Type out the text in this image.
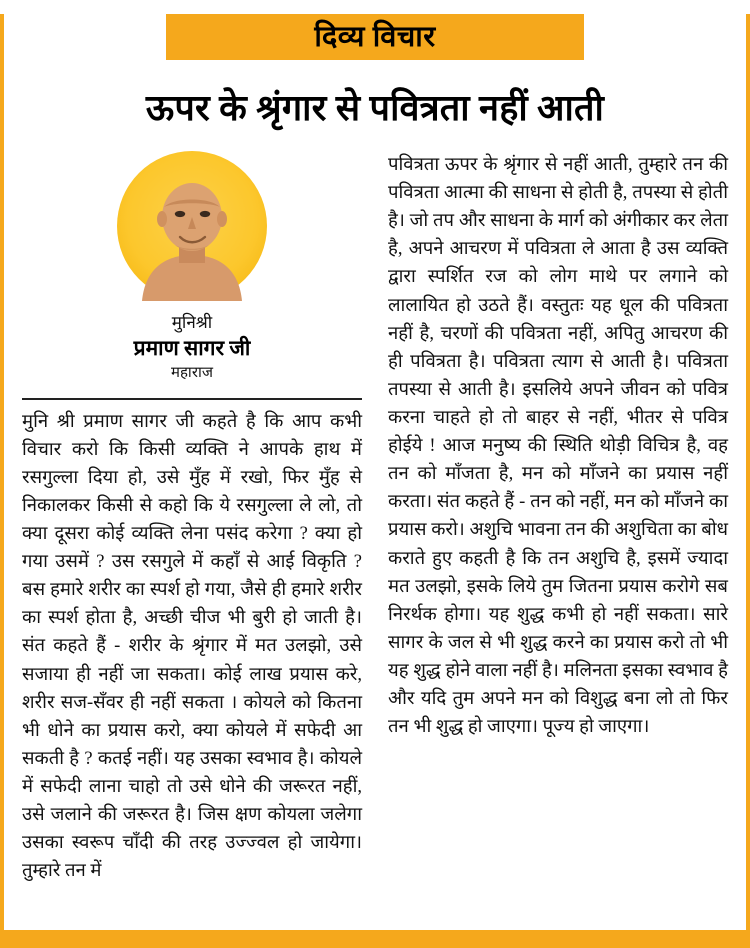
दिव्य विचार
ऊपर के श्रृंगार से पवित्रता नहीं आती
मुनिश्री
प्रमाण सागर जी
महाराज
मुनि श्री प्रमाण सागर जी कहते है कि आप कभी विचार करो कि किसी व्यक्ति ने आपके हाथ में रसगुल्ला दिया हो, उसे मुँह में रखो, फिर मुँह से निकालकर किसी से कहो कि ये रसगुल्ला ले लो, तो क्या दूसरा कोई व्यक्ति लेना पसंद करेगा ? क्या हो गया उसमें ? उस रसगुले में कहाँ से आई विकृति ? बस हमारे शरीर का स्पर्श हो गया, जैसे ही हमारे शरीर का स्पर्श होता है, अच्छी चीज भी बुरी हो जाती है। संत कहते हैं - शरीर के श्रृंगार में मत उलझो, उसे सजाया ही नहीं जा सकता। कोई लाख प्रयास करे, शरीर सज-सँवर ही नहीं सकता । कोयले को कितना भी धोने का प्रयास करो, क्या कोयले में सफेदी आ सकती है ? कतई नहीं। यह उसका स्वभाव है। कोयले में सफेदी लाना चाहो तो उसे धोने की जरूरत नहीं, उसे जलाने की जरूरत है। जिस क्षण कोयला जलेगा उसका स्वरूप चाँदी की तरह उज्ज्वल हो जायेगा। तुम्हारे तन में
पवित्रता ऊपर के श्रृंगार से नहीं आती, तुम्हारे तन की पवित्रता आत्मा की साधना से होती है, तपस्या से होती है। जो तप और साधना के मार्ग को अंगीकार कर लेता है, अपने आचरण में पवित्रता ले आता है उस व्यक्ति द्वारा स्पर्शित रज को लोग माथे पर लगाने को लालायित हो उठते हैं। वस्तुतः यह धूल की पवित्रता नहीं है, चरणों की पवित्रता नहीं, अपितु आचरण की ही पवित्रता है। पवित्रता त्याग से आती है। पवित्रता तपस्या से आती है। इसलिये अपने जीवन को पवित्र करना चाहते हो तो बाहर से नहीं, भीतर से पवित्र होईये ! आज मनुष्य की स्थिति थोड़ी विचित्र है, वह तन को माँजता है, मन को माँजने का प्रयास नहीं करता। संत कहते हैं - तन को नहीं, मन को माँजने का प्रयास करो। अशुचि भावना तन की अशुचिता का बोध कराते हुए कहती है कि तन अशुचि है, इसमें ज्यादा मत उलझो, इसके लिये तुम जितना प्रयास करोगे सब निरर्थक होगा। यह शुद्ध कभी हो नहीं सकता। सारे सागर के जल से भी शुद्ध करने का प्रयास करो तो भी यह शुद्ध होने वाला नहीं है। मलिनता इसका स्वभाव है और यदि तुम अपने मन को विशुद्ध बना लो तो फिर तन भी शुद्ध हो जाएगा। पूज्य हो जाएगा।
